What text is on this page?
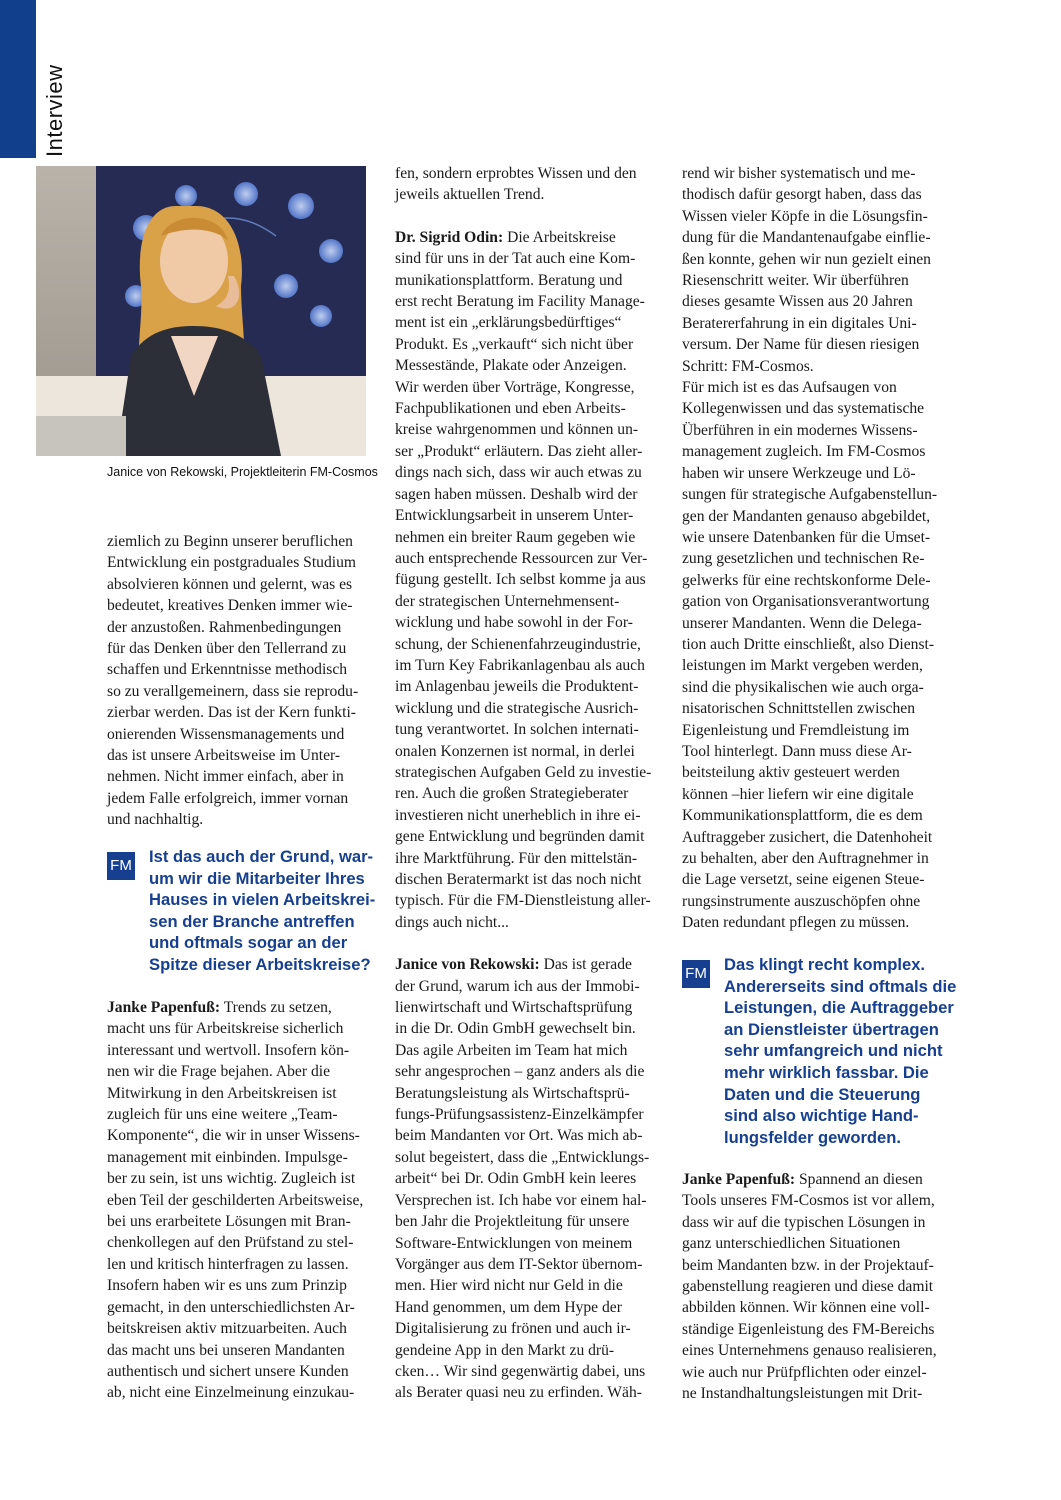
Interview
Janice von Rekowski, Projektleiterin FM-Cosmos

ziemlich zu Beginn unserer beruflichen
Entwicklung ein postgraduales Studium
absolvieren können und gelernt, was es
bedeutet, kreatives Denken immer wie-
der anzustoßen. Rahmenbedingungen
für das Denken über den Tellerrand zu
schaffen und Erkenntnisse methodisch
so zu verallgemeinern, dass sie reprodu-
zierbar werden. Das ist der Kern funkti-
onierenden Wissensmanagements und
das ist unsere Arbeitsweise im Unter-
nehmen. Nicht immer einfach, aber in
jedem Falle erfolgreich, immer vornan
und nachhaltig.

FM Ist das auch der Grund, war-
um wir die Mitarbeiter Ihres
Hauses in vielen Arbeitskrei-
sen der Branche antreffen
und oftmals sogar an der
Spitze dieser Arbeitskreise?

Janke Papenfuß: Trends zu setzen,
macht uns für Arbeitskreise sicherlich
interessant und wertvoll. Insofern kön-
nen wir die Frage bejahen. Aber die
Mitwirkung in den Arbeitskreisen ist
zugleich für uns eine weitere „Team-
Komponente“, die wir in unser Wissens-
management mit einbinden. Impulsge-
ber zu sein, ist uns wichtig. Zugleich ist
eben Teil der geschilderten Arbeitsweise,
bei uns erarbeitete Lösungen mit Bran-
chenkollegen auf den Prüfstand zu stel-
len und kritisch hinterfragen zu lassen.
Insofern haben wir es uns zum Prinzip
gemacht, in den unterschiedlichsten Ar-
beitskreisen aktiv mitzuarbeiten. Auch
das macht uns bei unseren Mandanten
authentisch und sichert unsere Kunden
ab, nicht eine Einzelmeinung einzukau-

fen, sondern erprobtes Wissen und den
jeweils aktuellen Trend.

Dr. Sigrid Odin: Die Arbeitskreise
sind für uns in der Tat auch eine Kom-
munikationsplattform. Beratung und
erst recht Beratung im Facility Manage-
ment ist ein „erklärungsbedürftiges“
Produkt. Es „verkauft“ sich nicht über
Messestände, Plakate oder Anzeigen.
Wir werden über Vorträge, Kongresse,
Fachpublikationen und eben Arbeits-
kreise wahrgenommen und können un-
ser „Produkt“ erläutern. Das zieht aller-
dings nach sich, dass wir auch etwas zu
sagen haben müssen. Deshalb wird der
Entwicklungsarbeit in unserem Unter-
nehmen ein breiter Raum gegeben wie
auch entsprechende Ressourcen zur Ver-
fügung gestellt. Ich selbst komme ja aus
der strategischen Unternehmensent-
wicklung und habe sowohl in der For-
schung, der Schienenfahrzeugindustrie,
im Turn Key Fabrikanlagenbau als auch
im Anlagenbau jeweils die Produktent-
wicklung und die strategische Ausrich-
tung verantwortet. In solchen internati-
onalen Konzernen ist normal, in derlei
strategischen Aufgaben Geld zu investie-
ren. Auch die großen Strategieberater
investieren nicht unerheblich in ihre ei-
gene Entwicklung und begründen damit
ihre Marktführung. Für den mittelstän-
dischen Beratermarkt ist das noch nicht
typisch. Für die FM-Dienstleistung aller-
dings auch nicht...

Janice von Rekowski: Das ist gerade
der Grund, warum ich aus der Immobi-
lienwirtschaft und Wirtschaftsprüfung
in die Dr. Odin GmbH gewechselt bin.
Das agile Arbeiten im Team hat mich
sehr angesprochen – ganz anders als die
Beratungsleistung als Wirtschaftsprü-
fungs-Prüfungsassistenz-Einzelkämpfer
beim Mandanten vor Ort. Was mich ab-
solut begeistert, dass die „Entwicklungs-
arbeit“ bei Dr. Odin GmbH kein leeres
Versprechen ist. Ich habe vor einem hal-
ben Jahr die Projektleitung für unsere
Software-Entwicklungen von meinem
Vorgänger aus dem IT-Sektor übernom-
men. Hier wird nicht nur Geld in die
Hand genommen, um dem Hype der
Digitalisierung zu frönen und auch ir-
gendeine App in den Markt zu drü-
cken… Wir sind gegenwärtig dabei, uns
als Berater quasi neu zu erfinden. Wäh-

rend wir bisher systematisch und me-
thodisch dafür gesorgt haben, dass das
Wissen vieler Köpfe in die Lösungsfin-
dung für die Mandantenaufgabe einflie-
ßen konnte, gehen wir nun gezielt einen
Riesenschritt weiter. Wir überführen
dieses gesamte Wissen aus 20 Jahren
Beratererfahrung in ein digitales Uni-
versum. Der Name für diesen riesigen
Schritt: FM-Cosmos.
Für mich ist es das Aufsaugen von
Kollegenwissen und das systematische
Überführen in ein modernes Wissens-
management zugleich. Im FM-Cosmos
haben wir unsere Werkzeuge und Lö-
sungen für strategische Aufgabenstellun-
gen der Mandanten genauso abgebildet,
wie unsere Datenbanken für die Umset-
zung gesetzlichen und technischen Re-
gelwerks für eine rechtskonforme Dele-
gation von Organisationsverantwortung
unserer Mandanten. Wenn die Delega-
tion auch Dritte einschließt, also Dienst-
leistungen im Markt vergeben werden,
sind die physikalischen wie auch orga-
nisatorischen Schnittstellen zwischen
Eigenleistung und Fremdleistung im
Tool hinterlegt. Dann muss diese Ar-
beitsteilung aktiv gesteuert werden
können –hier liefern wir eine digitale
Kommunikationsplattform, die es dem
Auftraggeber zusichert, die Datenhoheit
zu behalten, aber den Auftragnehmer in
die Lage versetzt, seine eigenen Steue-
rungsinstrumente auszuschöpfen ohne
Daten redundant pflegen zu müssen.

FM Das klingt recht komplex.
Andererseits sind oftmals die
Leistungen, die Auftraggeber
an Dienstleister übertragen
sehr umfangreich und nicht
mehr wirklich fassbar. Die
Daten und die Steuerung
sind also wichtige Hand-
lungsfelder geworden.

Janke Papenfuß: Spannend an diesen
Tools unseres FM-Cosmos ist vor allem,
dass wir auf die typischen Lösungen in
ganz unterschiedlichen Situationen
beim Mandanten bzw. in der Projektauf-
gabenstellung reagieren und diese damit
abbilden können. Wir können eine voll-
ständige Eigenleistung des FM-Bereichs
eines Unternehmens genauso realisieren,
wie auch nur Prüfpflichten oder einzel-
ne Instandhaltungsleistungen mit Drit-
